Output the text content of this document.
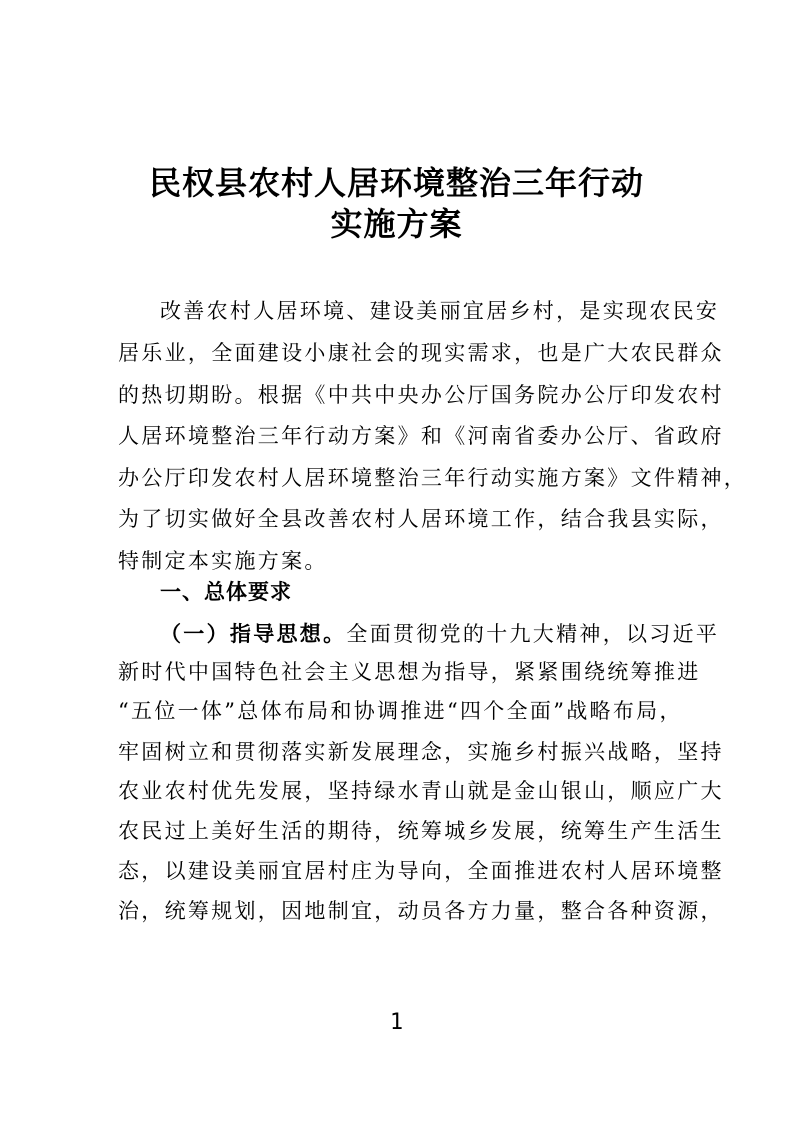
民权县农村人居环境整治三年行动
实施方案
改善农村人居环境、建设美丽宜居乡村，是实现农民安
居乐业，全面建设小康社会的现实需求，也是广大农民群众
的热切期盼。根据《中共中央办公厅国务院办公厅印发农村
人居环境整治三年行动方案》和《河南省委办公厅、省政府
办公厅印发农村人居环境整治三年行动实施方案》文件精神，
为了切实做好全县改善农村人居环境工作，结合我县实际，
特制定本实施方案。
一、总体要求
（一）指导思想。全面贯彻党的十九大精神，以习近平
新时代中国特色社会主义思想为指导，紧紧围绕统筹推进
“五位一体”总体布局和协调推进“四个全面”战略布局，
牢固树立和贯彻落实新发展理念，实施乡村振兴战略，坚持
农业农村优先发展，坚持绿水青山就是金山银山，顺应广大
农民过上美好生活的期待，统筹城乡发展，统筹生产生活生
态，以建设美丽宜居村庄为导向，全面推进农村人居环境整
治，统筹规划，因地制宜，动员各方力量，整合各种资源，
1
